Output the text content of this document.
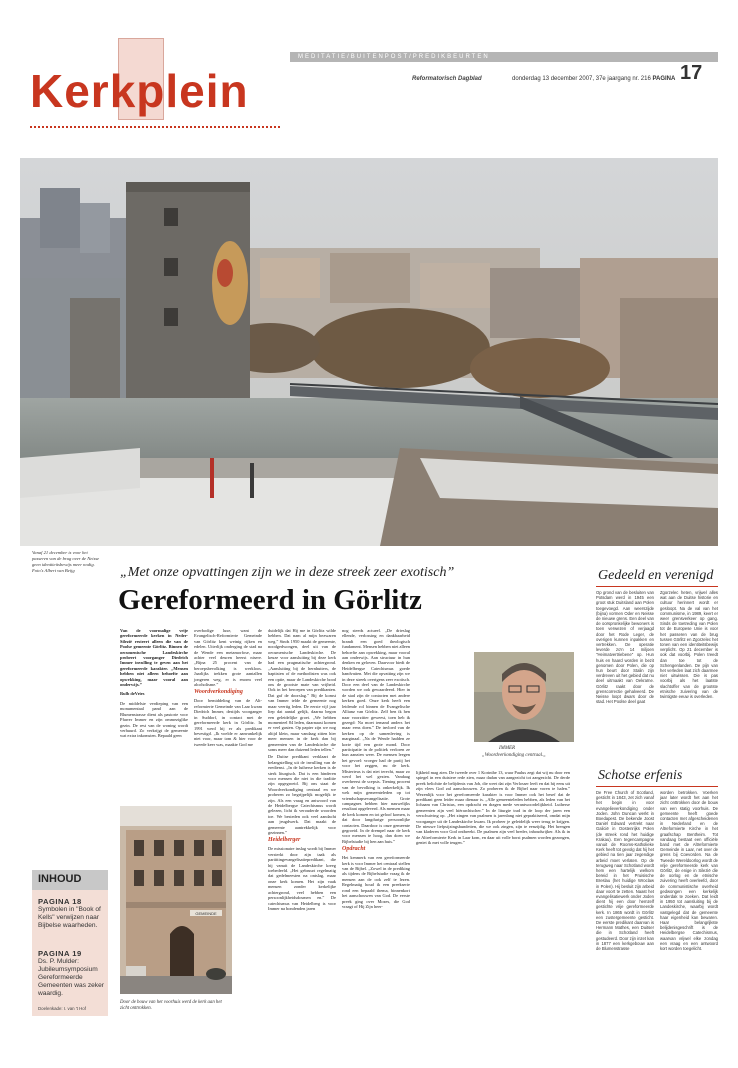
Kerkplein
MEDITATIE/BUITENPOST/PREDIKBEURTEN
Reformatorisch Dagblad	donderdag 13 december 2007, 37e jaargang nr. 216 PAGINA 17
Vanaf 21 december is voor het passeren van de brug over de Neisse geen identiteitsbewijs meer nodig. Foto's Albert van Beijg	„Met onze opvattingen zijn we in deze streek zeer exotisch”
Gereformeerd in Görlitz

Van de voormalige vrije gereformeerde kerken in Neder-Silezië resteert alleen die van de Poolse gemeente Görlitz. Binnen de oecumenische Landeskirche probeert voorganger Diedrich Immer invulling te geven aan het gereformeerde karakter. „Mensen hebben niet alleen behoefte aan opwekking, maar vooral aan onderwijs.”

Rulb deVries

De middelste verdieping van een monumentaal pand aan de Blumenstrasse dient als pastorie voor Pfarrer Immer en zijn ommeziglike gezin. De rest van de woning wordt verhuurd. Zo verkrijgt de gemeente wat extra inkomsten. Bepaald geen

overbodige luxe, want de Evangelisch-Reformierte Gemeinde van Görlitz kent weinig rijken en edelen. Uiterlijk onderging de stad na de Wende een metamorfose, maar achter veel deuren heerst nisere. „Bijna 25 procent van de beroepsbevolking is werkloos. Jaarlijks trekken grote aantallen jongeren weg, er is enorm veel alcoholisme.”

Woordverkondiging

Door bemiddeling van de Alt-reformierte Gemeinde van Laar kwam Diedrich Immer, destijds voorganger in Suddorf, in contact met de gereformeerde kerk in Görlitz. In 1991 werd hij er als predikant bevestigd. „Ik voelde er aanvankelijk niet voor, maar tom & hier voor de tweede keer was, maakte God me

duidelijk dat Hij me in Görlitz wilde hebben. Dat nam al mijn bezwaren weg.” Sinds 1950 maakt de gemeente, noodgedwongen, deel uit van de oecumenische Landeskirche. De keuze voor aansluiting bij deze kerk had een pragmatische achtergrond. „Aansluiting bij de hernhutters, de baptisten of de methodisten was ook een optie, maar de Landeskirche bood ons de grootste mate van vrijheid. Ook in het beroepen van predikanten. Dat gaf de doorslag.” Bij de komst van Immer telde de gemeente nog maar veertig leden. De eerste vijf jaar liep dat aantal gelijk, daarna begon een geleidelijke groei. „We hebben momenteel 84 leden, daarnaast komen er veel gasten. Op papier zijn we nog altijd klein, maar vandaag zitten hier meer mensen in de kerk dan bij gemeenten van de Landeskirche die soms meer dan duizend leden tellen.”

De Duitse predikant verklaart de belangstelling uit de invulling van de eredienst. „In de lutherse kerken is de sterk liturgisch. Dat is een hinderen voor mensen die niet in die traditie zijn opgegroeid. Bij ons staat de Woordverkondiging centraal en we proberen zo begrijpelijk mogelijk te zijn. Als een vraag en antwoord van de Heidelbergse Catechismus wordt gelezen, licht ik verouderde woorden toe. We besteden ook veel aandacht aan jeugdwerk. Dat maakt de gemeente aantrekkelijk voor gezinnen.”

Heidelberger

De missionaire inslag wordt bij Immer versterkt door zijn taak als partittingevangelisatiepredikant, die hij vanuit de Landeskirche kreeg toebedeeld. „Het gebruurt regelmatig dat gedelmeesten na ontslag, maar onze kerk komen. Het zijn vaak mensen zonder kerkelijke achtergrond, veel hebben een persoonlijkheidsdosmen en.” De catechismus van Heidelberg is voor Immer na bondenden jaren

nog steeds actueel. „De drieslag ellende, verlossing en dankbaarheid brandt een goed theologisch fundament. Mensen hebben niet alleen behoefte aan opwekking, maar vooral aan onderwijs. Aan structuur in hun denken en geloven. Daarvoor biedt de Heidelbergse Catechismus goede handvatten. Met die opvatting zijn we in deze streek overigens zeer exotisch. Door een deel van de Landeskirche worden we ook gewaardeerd. Hier in de stad zijn de contacten met andere kerken goed. Onze kerk heeft een leidende rol binnen de Evangelische Allianz van Görlitz. Zelf ben ik hen naar voorzitter geweest, toen heb ik gezegd: Na moet iemand anders het maar eens doen.” De invloed van de kerken op de samenleving is marginaal. „Na de Wende hadden ze korte tijd een grote mond. Door participatie in de politiek verloren ze hun aanzien weer. De mensen leegen het gevoel: vroeger had de partij het voor het zeggen, nu de kerk. Misterieus is dat niet terecht, maar zo werd het wel gezien. Vandaag overheerst de scepsis. Tiening procent van de bevolking is onkerkelijk. Ik wek mijn gemeenteleden op tot vriendschapsevangelisatie. Grote campagnes hebben hier nauwelijks resultaat opgeleverd. Als mensen maar de kerk komen en tot geloof komen, is dat door langdurige persoonlijke contacten. Daardoor is onze gemeente gegroeid. In de drempel naar de kerk voor mensen te hoog, dan doen we Bijbelstudie bij hen aan huis.”

Opdracht

Het kenmerk van een gereformeerde kerk is voor Immer het centraal stellen van de Bijbel. „Zowel in de prediking als tijdens de Bijbelstudie vraag ik de mensen aan de ook zelf te lezen. Regelmatig houd ik een preekserie rond een bepaald thema, binnenkort het aanschouwen van God. De eerste preek ging over Mozes, die God vraagt of Hij Zijn heer-

lijkheid mag zien. De tweede over 1 Korinthe 13, waar Paulus zegt dat wij nu door een spiegel in een duistere rede zien, maar dadan van aangezicht tot aangezicht. De derde preek belichtte de belijdenis van Job, die weet dat zijn Verlosser leeft en dat hij eens uit zijn vlees God zal aanschouwen. Zo proberen ik de Bijbel naar voren te halen.” Wezenlijk voor het gereformeerde karakter is voor Immer ook het besef dat de predikant geen leider maar dienaar is. „Alle gemeenteleden hebben, als leden van het lichaam van Christus, een opdracht en dragen mede verantwoordelijkheid. Lutherse gemeenten zijn veel hiërarchischer.” In de liturgie trad in de loop der jaren een verschuiving op. „Het zingen van psalmen is jarenlang niet gepraktiseerd, omdat mijn voorganger uit de Landeskirche kwam. Ik probeer je geleidelijk weer terug te krijgen. De nieuwe liefpsijzingsbundetten, die we ook zingen, zijn te eenzijdig. Het brengen van kladeren voor God ontbreekt. De psalmen zijn veel breder, inhoudsrijker. Als ik in de Altreformierte Kerk in Laar kom, en daar uit volle borst psalmen worden gezongen, geniet ik met volle teugen.”

IMMER
„Woordverkondiging centraal.„
GEMEINDE
Door de bouw van het voorhuis werd de kerk aan het zicht onttrokken.
Gedeeld en verenigd
Op grond van de besluiten van Potsdam werd in 1945 een groot stuk Duitsland aan Polen toegevoegd. Aan weerszijde (bijna) vormen Oder en Neisse de nieuwe grens. Een deel van de oorspronkelijke bewoners is toen verwezen of verjaagd door het Rode Leger, de overigen kunnen inpakken en vertrekken. De operatie leverde zo'n 14 miljoen "Heimatvertriebene" op. Hun huis en haard worden in bezit genomen door Polen, die op hun beurt door Stalin zijn verdreven uit het gebied dat nu deel uitmaakt van Oekraïne. Görlitz raakt door de grenscorrectie gehalveerd. De Neisse loopt dwars door de stad. Het Poolse deel gaat
Zgorzelec heten, vrijwel alles wat aan de Duitse historie en cultuur herinnert wordt er gesloopt. Na de val van het communisme, in 1989, keert er weer grensverkeer op gang. Sinds de toetreding van Polen tot de Europese Unie is voor het passeren van de brug tussen Görlitz en Zgorzelec het tonen van een identiteitsbewijs verplicht. Op 21 december is ook dat voorbij. Polen treedt dan toe tot de Schengenlanden. De pijn van het verleden laat zich daarmee niet uitwissen. Die is pas voorbij als het laatste slachtoffer van de grootste etnische zuivering van de twintigste eeuw is overleden.
Schotse erfenis
De Free Church of Scotland, gesticht in 1843, zet zich vanaf het begin in voor evangelieverkondiging onder Joden. John Duncan werkt in Boedapest. De bekende Joost Daniël Edward vertrekt naar Galicië in Oostenrijks Polen (de streek rond het huidige Krakau). Een tegencampagne vanuit de Rooms-Katholieke Kerk heeft tot gevolg dat hij het gebied na tien jaar zegendige arbeid moet verlaten. Op de terugweg naar Schotland wordt hem een hartelijk welkom bereid in het Pruisische Breslau (het huidige Wroclaw in Polen). Hij besluit zijn arbeid daar voort te zetten. Naast het evangelisatiewerk onder Joden dient hij een door hemzelf gestichte vrije gereformeerde kerk. In 1865 wordt in Görlitz een zustergemeente gesticht. De eerste predikant daarvan is Hermann Mathes, een Duitser die in Schotland heeft gestudeerd. Door zijn inzet kan in 1877 een kerkgebouw aan de Blumenstrasse
worden betrokken. Voerken jaar later wordt het aan het zicht onttrokken door de bouw van een statig voorhuis. De gemeente heeft goede contacten met afgescheidenen in Nederland en de Altreformierte Kirche in het graafschap Bentheim. Tot vandaag bestaat een officiële band met de Altreformierte Gemeinde in Laar, net over de grens bij Coevorden. Na de Tweede Wereldoorlog wordt de vrije gereformeerde kerk van Görlitz, de enige in Silezië die de oorlog en de etnische zuivering heeft overleefd, door de communistische overheid gedwongen een kerkelijk onderdak te zoeken. Dat leidt in 1950 tot aansluiting bij de Landeskirche, waarbij wordt vastgelegd dat de gemeente haar eigenheid kan bewaren. Haar belangrijkste belijdenisgeschrift is de Heidelbergse Catechismus, waarvan vrijwel elke zondag een vraag en een antwoord kort worden toegelicht.
INHOUD
PAGINA 18
Symbolen in "Book of Kells" verwijzen naar Bijbelse waarheden.
PAGINA 19
Ds. P. Mulder: Jubileumsymposium Gereformeerde Gemeenten was zeker waardig.
Doelenkade: I. van 't Hof
